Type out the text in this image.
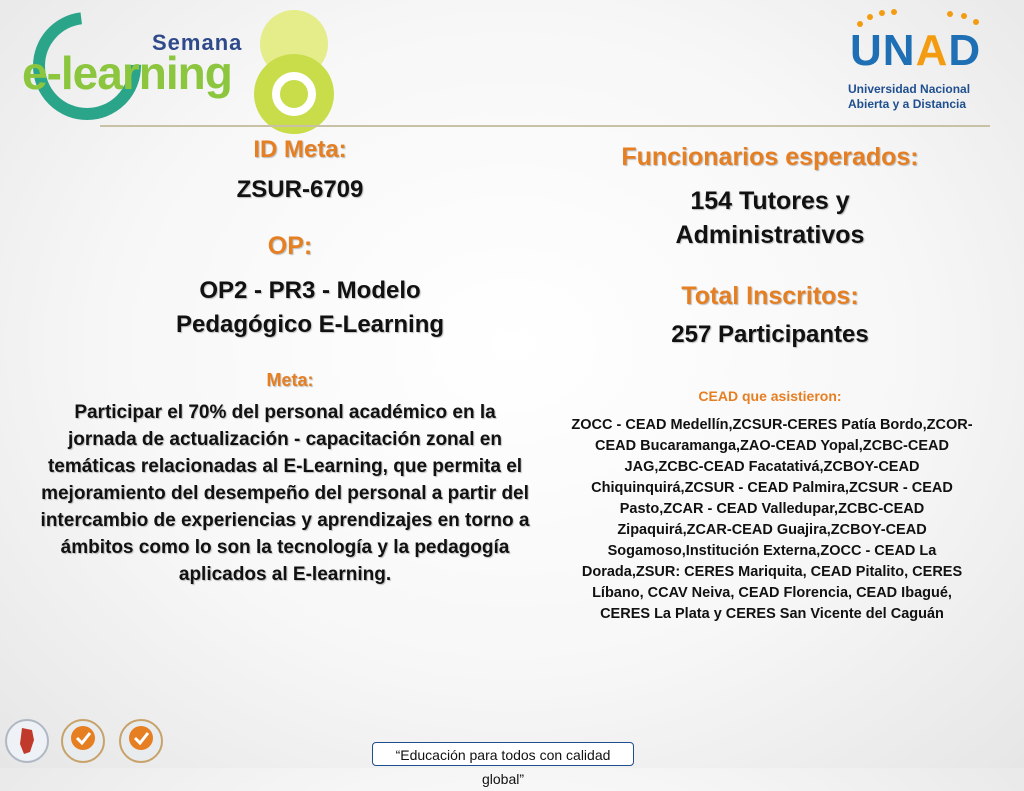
Semana
e-learning	UNAD
Universidad Nacional
Abierta y a Distancia
ID Meta:
ZSUR-6709
OP:
OP2 - PR3 - Modelo Pedagógico E-Learning
Meta:
Participar el 70% del personal académico en la jornada de actualización - capacitación zonal en temáticas relacionadas al E-Learning, que permita el mejoramiento del desempeño del personal a partir del intercambio de experiencias y aprendizajes en torno a ámbitos como lo son la tecnología y la pedagogía aplicados al E-learning.
Funcionarios esperados:
154 Tutores y Administrativos
Total Inscritos:
257 Participantes
CEAD que asistieron:
ZOCC - CEAD Medellín,ZCSUR-CERES Patía Bordo,ZCOR-CEAD Bucaramanga,ZAO-CEAD Yopal,ZCBC-CEAD JAG,ZCBC-CEAD Facatativá,ZCBOY-CEAD Chiquinquirá,ZCSUR - CEAD Palmira,ZCSUR - CEAD Pasto,ZCAR - CEAD Valledupar,ZCBC-CEAD Zipaquirá,ZCAR-CEAD Guajira,ZCBOY-CEAD Sogamoso,Institución Externa,ZOCC - CEAD La Dorada,ZSUR: CERES Mariquita, CEAD Pitalito, CERES Líbano, CCAV Neiva, CEAD Florencia, CEAD Ibagué, CERES La Plata y CERES San Vicente del Caguán
“Educación para todos con calidad global”
